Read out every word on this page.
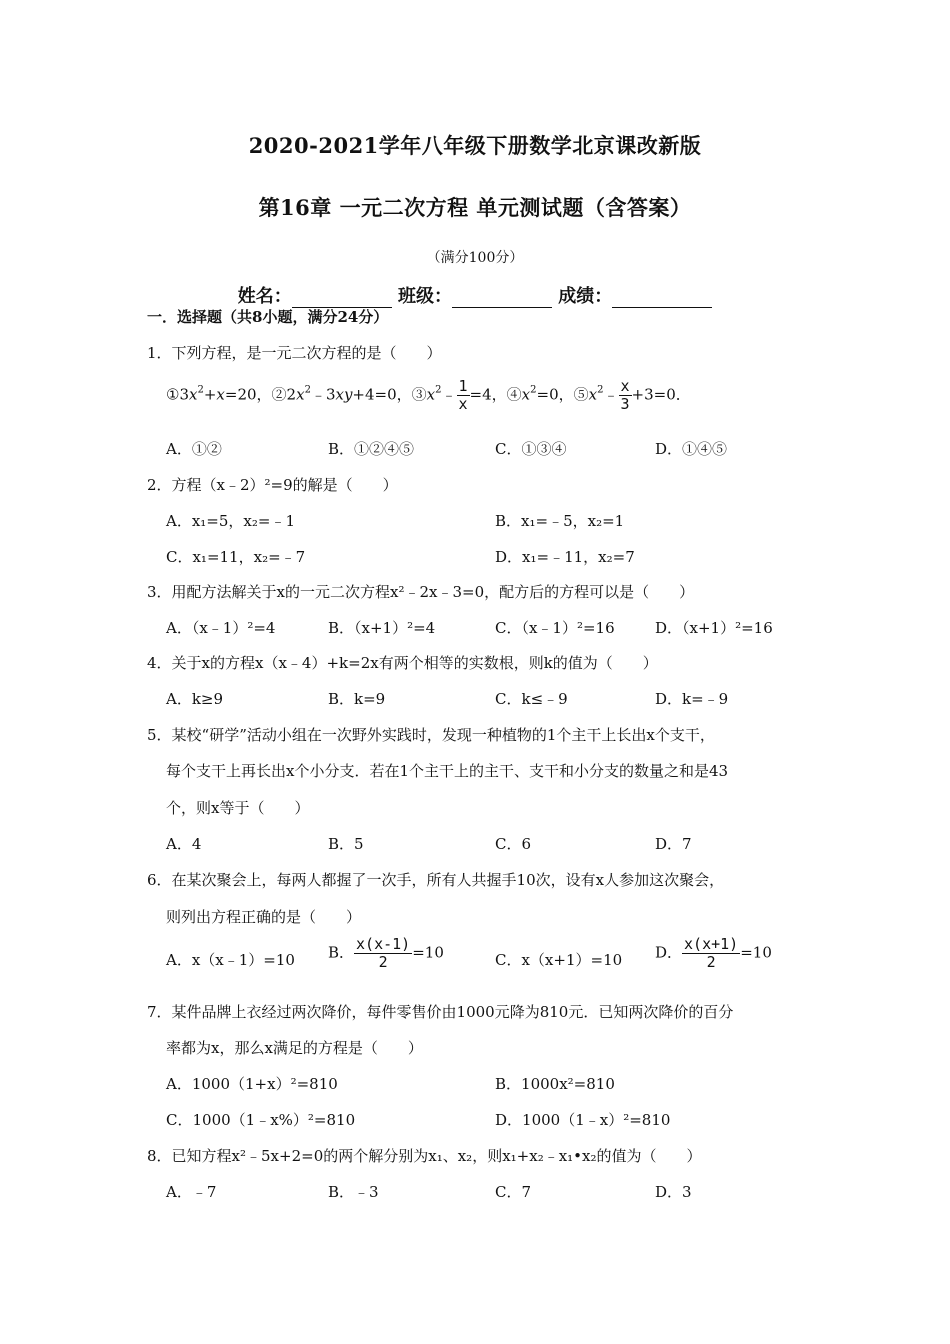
2020-2021学年八年级下册数学北京课改新版
第16章 一元二次方程 单元测试题（含答案）
（满分100分）
姓名：	班级：	成绩：
一．选择题（共8小题，满分24分）
1．下列方程，是一元二次方程的是（　　）
$①3x^2+x=20$，$②2x^2﹣3xy+4=0$，$③x^2﹣ \frac{1}{x} =4$，$④x^2=0$，$⑤x^2﹣ \frac{x}{3} +3=0$．
A．①②	B．①②④⑤	C．①③④	D．①④⑤
2．方程（x﹣2）²=9的解是（　　）
A．x₁=5，x₂=﹣1	B．x₁=﹣5，x₂=1
C．x₁=11，x₂=﹣7	D．x₁=﹣11，x₂=7
3．用配方法解关于x的一元二次方程x²﹣2x﹣3=0，配方后的方程可以是（　　）
A．（x﹣1）²=4	B．（x+1）²=4	C．（x﹣1）²=16	D．（x+1）²=16
4．关于x的方程x（x﹣4）+k=2x有两个相等的实数根，则k的值为（　　）
A．k≥9	B．k=9	C．k≤﹣9	D．k=﹣9
5．某校“研学”活动小组在一次野外实践时，发现一种植物的1个主干上长出x个支干，
每个支干上再长出x个小分支．若在1个主干上的主干、支干和小分支的数量之和是43
个，则x等于（　　）
A．4	B．5	C．6	D．7
6．在某次聚会上，每两人都握了一次手，所有人共握手10次，设有x人参加这次聚会，
则列出方程正确的是（　　）
A．x（x﹣1）=10 B． $\frac{x(x-1)}{2} =10$	C．x（x+1）=10 D． $\frac{x(x+1)}{2} =10$
7．某件品牌上衣经过两次降价，每件零售价由1000元降为810元．已知两次降价的百分
率都为x，那么x满足的方程是（　　）
A．1000（1+x）²=810	B．1000x²=810
C．1000（1﹣x%）²=810	D．1000（1﹣x）²=810
8．已知方程x²﹣5x+2=0的两个解分别为x₁、x₂，则x₁+x₂﹣x₁•x₂的值为（　　）
A．﹣7	B．﹣3	C．7	D．3
